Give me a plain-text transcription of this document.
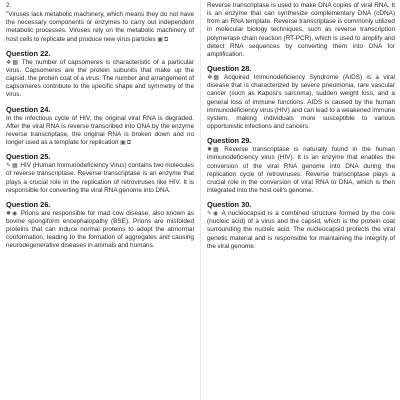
2.

"Viruses lack metabolic machinery, which means they do not have the necessary components or enzymes to carry out independent metabolic processes. Viruses rely on the metabolic machinery of host cells to replicate and produce new virus particles ▣⧉

Question 22.

❖▦ The number of capsomeres is characteristic of a particular virus. Capsomeres are the protein subunits that make up the capsid, the protein coat of a virus. The number and arrangement of capsomeres contribute to the specific shape and symmetry of the virus.

Question 24.

In the infectious cycle of HIV, the original viral RNA is degraded. After the viral RNA is reverse transcribed into DNA by the enzyme reverse transcriptase, the original RNA is broken down and no longer used as a template for replication ▣⧉

Question 25.

✎▦ HIV (Human Immunodeficiency Virus) contains two molecules of reverse transcriptase. Reverse transcriptase is an enzyme that plays a crucial role in the replication of retroviruses like HIV. It is responsible for converting the viral RNA genome into DNA.

Question 26.

✹◉ Prions are responsible for mad cow disease, also known as bovine spongiform encephalopathy (BSE). Prions are misfolded proteins that can induce normal proteins to adopt the abnormal conformation, leading to the formation of aggregates and causing neurodegenerative diseases in animals and humans.

Reverse transcriptase is used to make DNA copies of viral RNA. It is an enzyme that can synthesize complementary DNA (cDNA) from an RNA template. Reverse transcriptase is commonly utilized in molecular biology techniques, such as reverse transcription polymerase chain reaction (RT-PCR), which is used to amplify and detect RNA sequences by converting them into DNA for amplification.

Question 28.

❖▦ Acquired Immunodeficiency Syndrome (AIDS) is a viral disease that is characterized by severe pneumonia, rare vascular cancer (such as Kaposi's sarcoma), sudden weight loss, and a general loss of immune functions. AIDS is caused by the human immunodeficiency virus (HIV) and can lead to a weakened immune system, making individuals more susceptible to various opportunistic infections and cancers.

Question 29.

✹▦ Reverse transcriptase is naturally found in the human immunodeficiency virus (HIV). It is an enzyme that enables the conversion of the viral RNA genome into DNA during the replication cycle of retroviruses. Reverse transcriptase plays a crucial role in the conversion of viral RNA to DNA, which is then integrated into the host cell's genome.

Question 30.

✎◉ A nucleocapsid is a combined structure formed by the core (nucleic acid) of a virus and the capsid, which is the protein coat surrounding the nucleic acid. The nucleocapsid protects the viral genetic material and is responsible for maintaining the integrity of the viral genome.
